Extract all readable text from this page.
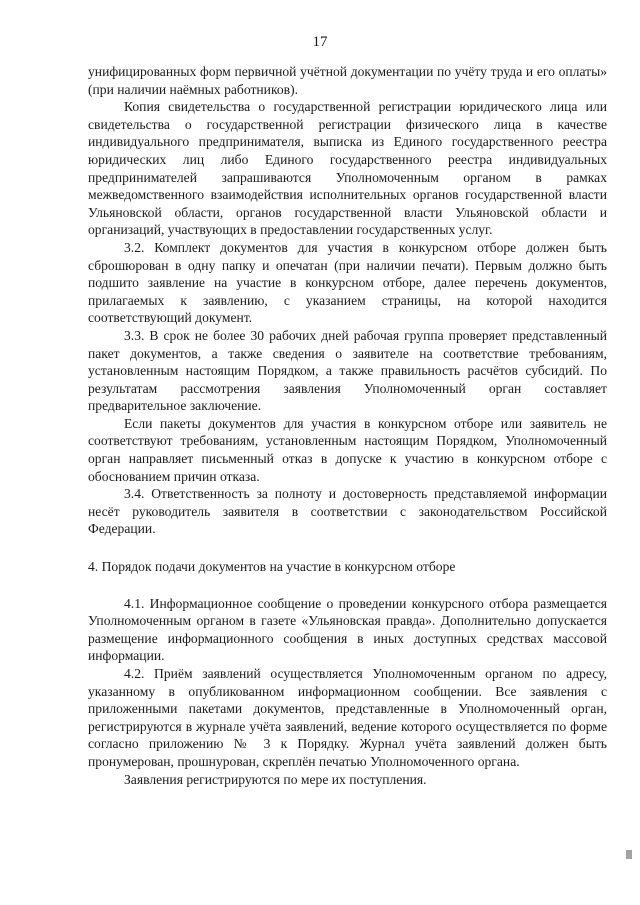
17

унифицированных форм первичной учётной документации по учёту труда и его оплаты» (при наличии наёмных работников).

Копия свидетельства о государственной регистрации юридического лица или свидетельства о государственной регистрации физического лица в качестве индивидуального предпринимателя, выписка из Единого государственного реестра юридических лиц либо Единого государственного реестра индивидуальных предпринимателей запрашиваются Уполномоченным органом в рамках межведомственного взаимодействия исполнительных органов государственной власти Ульяновской области, органов государственной власти Ульяновской области и организаций, участвующих в предоставлении государственных услуг.

3.2. Комплект документов для участия в конкурсном отборе должен быть сброшюрован в одну папку и опечатан (при наличии печати). Первым должно быть подшито заявление на участие в конкурсном отборе, далее перечень документов, прилагаемых к заявлению, с указанием страницы, на которой находится соответствующий документ.

3.3. В срок не более 30 рабочих дней рабочая группа проверяет представленный пакет документов, а также сведения о заявителе на соответствие требованиям, установленным настоящим Порядком, а также правильность расчётов субсидий. По результатам рассмотрения заявления Уполномоченный орган составляет предварительное заключение.

Если пакеты документов для участия в конкурсном отборе или заявитель не соответствуют требованиям, установленным настоящим Порядком, Уполномоченный орган направляет письменный отказ в допуске к участию в конкурсном отборе с обоснованием причин отказа.

3.4. Ответственность за полноту и достоверность представляемой информации несёт руководитель заявителя в соответствии с законодательством Российской Федерации.

4. Порядок подачи документов на участие в конкурсном отборе

4.1. Информационное сообщение о проведении конкурсного отбора размещается Уполномоченным органом в газете «Ульяновская правда». Дополнительно допускается размещение информационного сообщения в иных доступных средствах массовой информации.

4.2. Приём заявлений осуществляется Уполномоченным органом по адресу, указанному в опубликованном информационном сообщении. Все заявления с приложенными пакетами документов, представленные в Уполномоченный орган, регистрируются в журнале учёта заявлений, ведение которого осуществляется по форме согласно приложению № 3 к Порядку. Журнал учёта заявлений должен быть пронумерован, прошнурован, скреплён печатью Уполномоченного органа.

Заявления регистрируются по мере их поступления.
